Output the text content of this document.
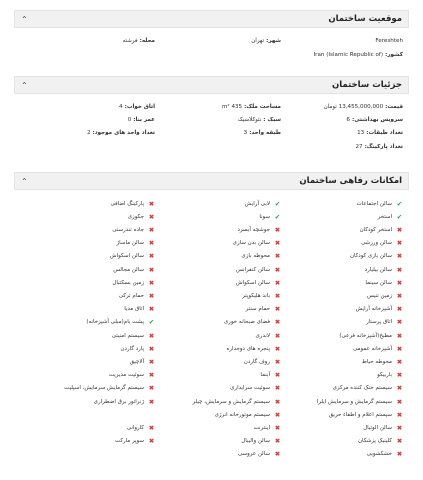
موقعیت ساختمان
⌃
Fereshteh
شهر:تهران
محله:فرشته
کشور:(Iran (Islamic Republic of
جزئیات ساختمان
⌃
قیمت:13,455,000,000 تومان
مساحت ملک:435 m²
اتاق خواب:4
سرویس بهداشتی:6
سبک :نئوکلاسیک
عمر بنا:0
تعداد طبقات:13
طبقه واحد:3
تعداد واحد های موجود:2
تعداد پارکینگ:27
امکانات رفاهی ساختمان
⌃
✔
سالن اجتماعات
✔
استخر
✖
استخر کودکان
✖
سالن ورزشی
✖
سالن بازی کودکان
✖
سالن بیلیارد
✖
سالن سینما
✖
زمین تنیس
✖
آشپزخانه آرایش
✖
اتاق پرستار
✖
مطبخ(آشپزخانه فرعی)
✖
آشپزخانه عمومی
✖
محوطه حیاط
✖
باربیکو
✖
سیستم خنک کننده مرکزی
✖
سیستم گرمایش و سرمایش ایلرا
✖
سیستم اعلام و اطفاء حریق
✖
سالن الوتیال
✖
کلینیک پزشکان
✖
خشکشویی
✔
لابی آرایش
✔
سونا
✖
جوشچه آبسرد
✖
سالن بدن سازی
✖
محوطه بازی
✖
سالن کنفرانس
✖
سالن اسکواش
✖
باند هلیکوپتر
✖
حمام سنتر
✖
فضای صبحانه خوری
✖
لاندری
✖
پنجره های دوجداره
✖
روف گاردن
✖
آبنما
✖
سوئیت سرایداری
✖
سیستم گرمایش و سرمایش، چیلر
✖
سیستم موتورخانه انرژی
✖
اینترنت
✖
سالن والیبال
✖
سالن عروسی
✖
پارکینگ اضافی
✖
جکوزی
✖
جاده تندرستی
✖
سالن ماساژ
✖
سالن اسکواش
✖
سالن مجالس
✖
زمین بسکتبال
✖
حمام ترکی
✖
اتاق مدیا
✔
پشت بام(مبلی آشپزخانه)
✖
سیستم امنیتی
✖
پارد گاردن
✖
آلاچیق
✖
سوئیت مدیریت
✖
سیستم گرمایش سرمایش، اسپلیت
✖
ژنراتور برق اضطراری
✖
کاروانی
✖
سوپر مارکت
